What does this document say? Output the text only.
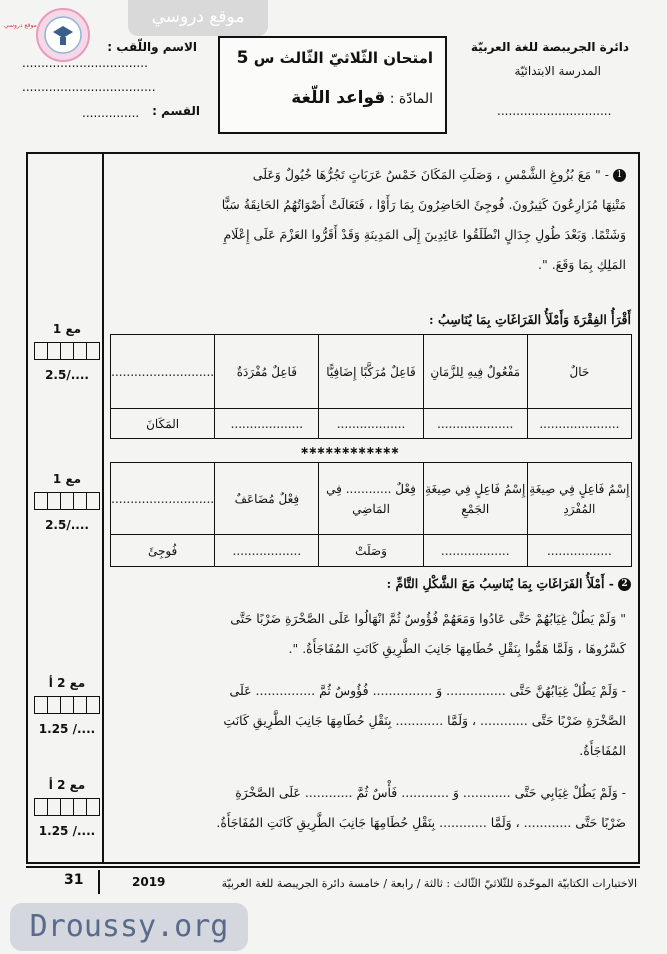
موقع دروسي
موقع دروسي
دائرة الجريبصة للغة العربيّة
المدرسة الابتدائيّة
..............................
امتحان الثّلاثيّ الثّالث س 5
المادّة : قواعد اللّغة
الاسم واللّقب :
.................................
...................................
القسم :
...............
1- " مَعَ بُزُوغِ الشَّمْسِ ، وَصَلَتِ المَكَانَ خَمْسُ عَرَبَاتٍ تَجُرُّهَا خُيُولٌ وَعَلَى
مَتْنِهَا مُزَارِعُونَ كَثِيرُونَ. فُوجِئَ الحَاضِرُونَ بِمَا رَأَوْا ، فَتَعَالَتْ أَصْوَاتُهُمُ الحَانِقَةُ سَبًّا
وَشَتْمًا. وَبَعْدَ طُولِ جِدَالٍ انْطَلَقُوا عَائِدِينَ إِلَى المَدِينَةِ وَقَدْ أَقَرُّوا العَزْمَ عَلَى إِعْلَامِ
المَلِكِ بِمَا وَقَعَ. ".
أَقْرَأُ الفِقْرَةَ وَأَمْلَأُ الفَرَاغَاتِ بِمَا يُنَاسِبُ :
حَالٌ	مَفْعُولٌ فِيهِ لِلزَّمَانِ	فَاعِلٌ مُرَكَّبًا إِضَافِيًّا	فَاعِلٌ مُفْرَدَةٌ	...........................
.....................	....................	..................	...................	المَكَانَ
∗∗∗∗∗∗∗∗∗∗∗∗
إِسْمُ فَاعِلٍ فِي صِيغَةِ المُفْرَدِ	إِسْمُ فَاعِلٍ فِي صِيغَةِ الجَمْعِ	فِعْلٌ ............ فِي المَاضِي	فِعْلٌ مُضَاعَفٌ	...........................
.................	..................	وَصَلَتْ	..................	فُوجِئَ
2- أَمْلَأُ الفَرَاغَاتِ بِمَا يُنَاسِبُ مَعَ الشَّكْلِ التَّامِّ :
" وَلَمْ يَطُلْ غِيَابُهُمْ حَتَّى عَادُوا وَمَعَهُمْ فُؤُوسٌ ثُمَّ انْهَالُوا عَلَى الصَّخْرَةِ ضَرْبًا حَتَّى
كَسَّرُوهَا ، وَلَمَّا هَمُّوا بِنَقْلِ حُطَامِهَا جَانِبَ الطَّرِيقِ كَانَتِ المُفَاجَأَةُ. ".
- وَلَمْ يَطُلْ غِيَابُهُنَّ حَتَّى ............... وَ ............... فُؤُوسٌ ثُمَّ ............... عَلَى
الصَّخْرَةِ ضَرْبًا حَتَّى ............ ، وَلَمَّا ............ بِنَقْلِ حُطَامِهَا جَانِبَ الطَّرِيقِ كَانَتِ
المُفَاجَأَةُ.
- وَلَمْ يَطُلْ غِيَابِي حَتَّى ............ وَ ............ فَأْسٌ ثُمَّ ............ عَلَى الصَّخْرَةِ
ضَرْبًا حَتَّى ............ ، وَلَمَّا ............ بِنَقْلِ حُطَامِهَا جَانِبَ الطَّرِيقِ كَانَتِ المُفَاجَأَةُ.
مع 1
2.5/....
مع 1
2.5/....
مع 2 أ
1.25 /....
مع 2 أ
1.25 /....
31	2019	الاختبارات الكتابيّة الموحّدة للثّلاثيّ الثّالث : ثالثة / رابعة / خامسة دائرة الجريبصة للغة العربيّة
Droussy.org
